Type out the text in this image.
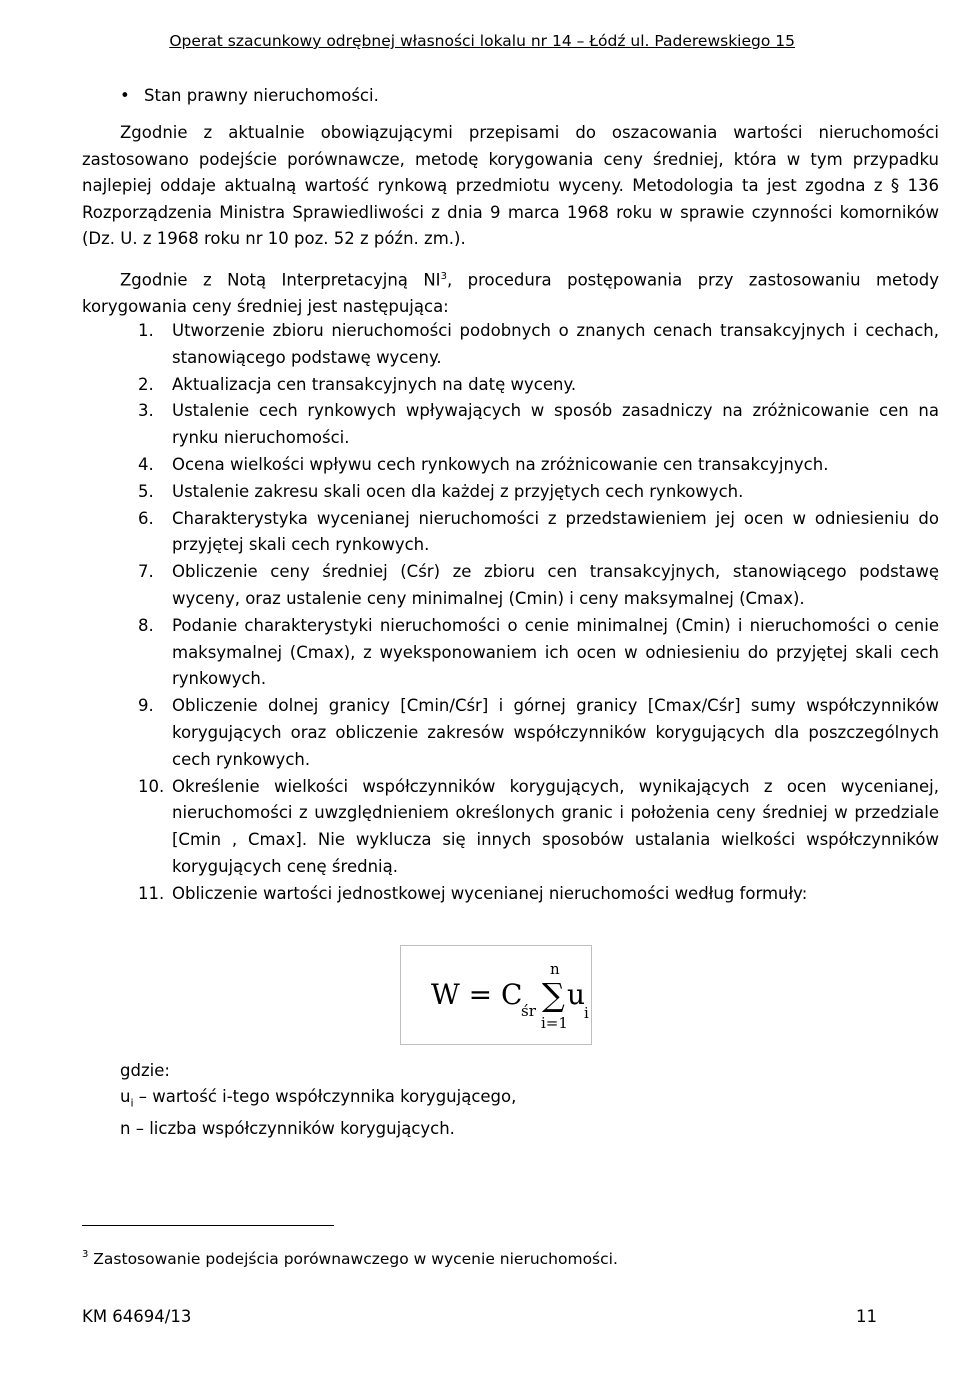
Operat szacunkowy odrębnej własności lokalu nr 14 – Łódź ul. Paderewskiego 15
• Stan prawny nieruchomości.
Zgodnie z aktualnie obowiązującymi przepisami do oszacowania wartości nieruchomości zastosowano podejście porównawcze, metodę korygowania ceny średniej, która w tym przypadku najlepiej oddaje aktualną wartość rynkową przedmiotu wyceny. Metodologia ta jest zgodna z § 136 Rozporządzenia Ministra Sprawiedliwości z dnia 9 marca 1968 roku w sprawie czynności komorników (Dz. U. z 1968 roku nr 10 poz. 52 z późn. zm.).
Zgodnie z Notą Interpretacyjną $NI^3$, procedura postępowania przy zastosowaniu metody korygowania ceny średniej jest następująca:
1. Utworzenie zbioru nieruchomości podobnych o znanych cenach transakcyjnych i cechach, stanowiącego podstawę wyceny.
2. Aktualizacja cen transakcyjnych na datę wyceny.
3. Ustalenie cech rynkowych wpływających w sposób zasadniczy na zróżnicowanie cen na rynku nieruchomości.
4. Ocena wielkości wpływu cech rynkowych na zróżnicowanie cen transakcyjnych.
5. Ustalenie zakresu skali ocen dla każdej z przyjętych cech rynkowych.
6. Charakterystyka wycenianej nieruchomości z przedstawieniem jej ocen w odniesieniu do przyjętej skali cech rynkowych.
7. Obliczenie ceny średniej (Cśr) ze zbioru cen transakcyjnych, stanowiącego podstawę wyceny, oraz ustalenie ceny minimalnej (Cmin) i ceny maksymalnej (Cmax).
8. Podanie charakterystyki nieruchomości o cenie minimalnej (Cmin) i nieruchomości o cenie maksymalnej (Cmax), z wyeksponowaniem ich ocen w odniesieniu do przyjętej skali cech rynkowych.
9. Obliczenie dolnej granicy [Cmin/Cśr] i górnej granicy [Cmax/Cśr] sumy współczynników korygujących oraz obliczenie zakresów współczynników korygujących dla poszczególnych cech rynkowych.
10. Określenie wielkości współczynników korygujących, wynikających z ocen wycenianej, nieruchomości z uwzględnieniem określonych granic i położenia ceny średniej w przedziale [Cmin , Cmax]. Nie wyklucza się innych sposobów ustalania wielkości współczynników korygujących cenę średnią.
11. Obliczenie wartości jednostkowej wycenianej nieruchomości według formuły:
W = C
śr
n
∑
i=1
u
i
gdzie:
$u_i$ – wartość i-tego współczynnika korygującego,
n – liczba współczynników korygujących.
$^3$ Zastosowanie podejścia porównawczego w wycenie nieruchomości.
KM 64694/13	11
